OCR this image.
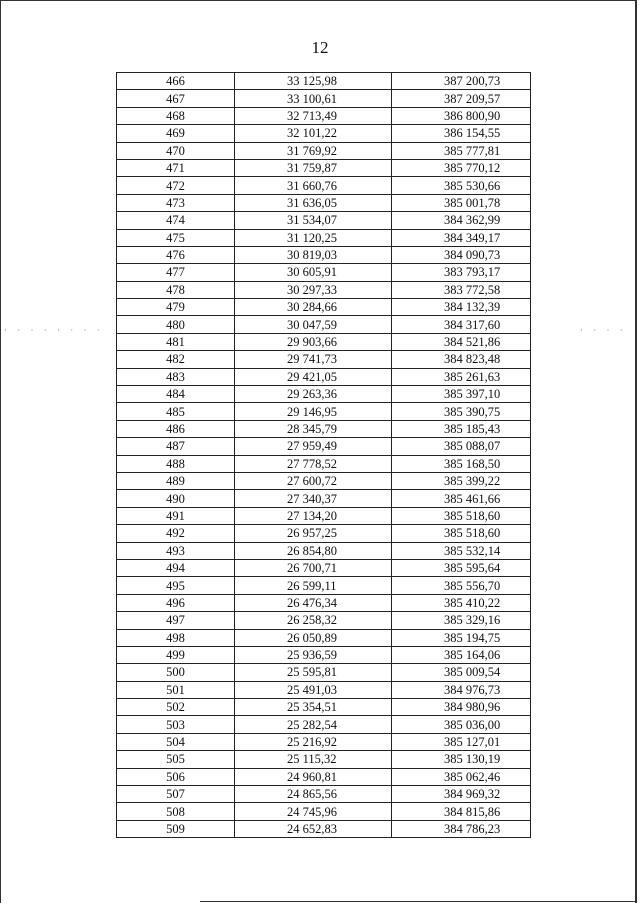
12
466	33 125,98	387 200,73
467	33 100,61	387 209,57
468	32 713,49	386 800,90
469	32 101,22	386 154,55
470	31 769,92	385 777,81
471	31 759,87	385 770,12
472	31 660,76	385 530,66
473	31 636,05	385 001,78
474	31 534,07	384 362,99
475	31 120,25	384 349,17
476	30 819,03	384 090,73
477	30 605,91	383 793,17
478	30 297,33	383 772,58
479	30 284,66	384 132,39
480	30 047,59	384 317,60
481	29 903,66	384 521,86
482	29 741,73	384 823,48
483	29 421,05	385 261,63
484	29 263,36	385 397,10
485	29 146,95	385 390,75
486	28 345,79	385 185,43
487	27 959,49	385 088,07
488	27 778,52	385 168,50
489	27 600,72	385 399,22
490	27 340,37	385 461,66
491	27 134,20	385 518,60
492	26 957,25	385 518,60
493	26 854,80	385 532,14
494	26 700,71	385 595,64
495	26 599,11	385 556,70
496	26 476,34	385 410,22
497	26 258,32	385 329,16
498	26 050,89	385 194,75
499	25 936,59	385 164,06
500	25 595,81	385 009,54
501	25 491,03	384 976,73
502	25 354,51	384 980,96
503	25 282,54	385 036,00
504	25 216,92	385 127,01
505	25 115,32	385 130,19
506	24 960,81	385 062,46
507	24 865,56	384 969,32
508	24 745,96	384 815,86
509	24 652,83	384 786,23
· · · · · · · ·	· · · ·
